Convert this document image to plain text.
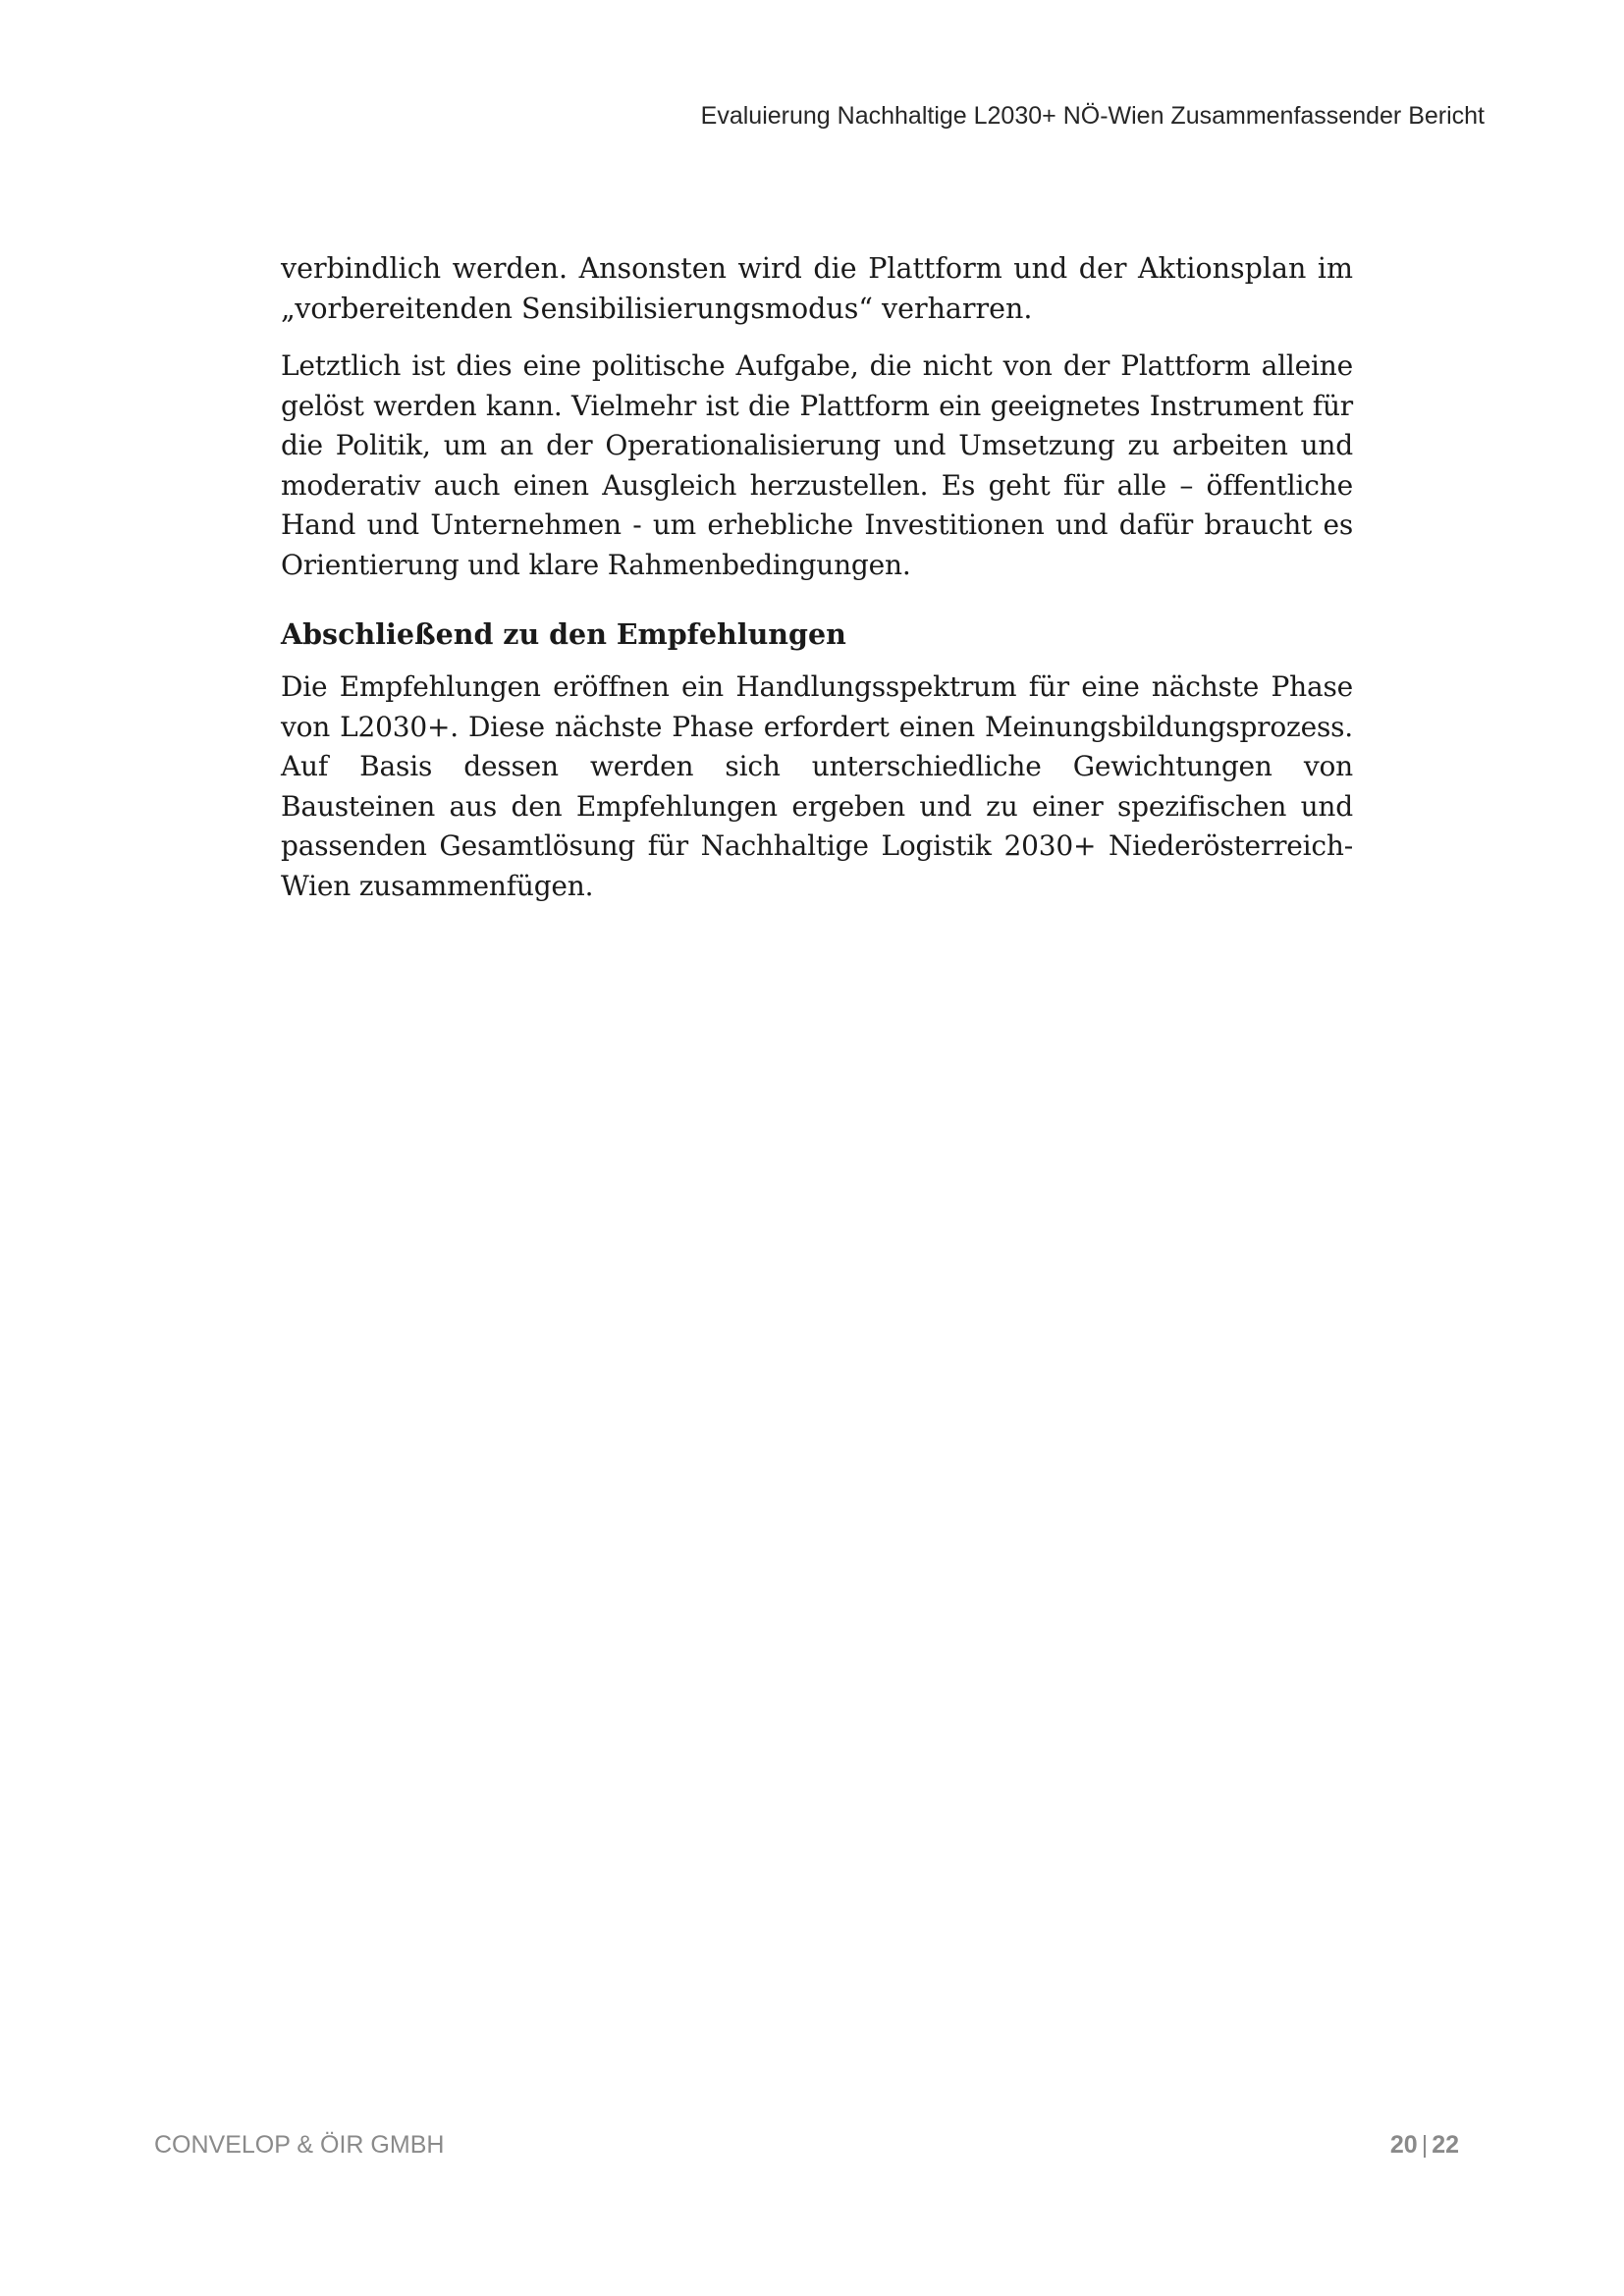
Evaluierung Nachhaltige L2030+ NÖ-Wien Zusammenfassender Bericht

verbindlich werden. Ansonsten wird die Plattform und der Aktionsplan im „vorbereitenden Sensibilisierungsmodus“ verharren.

Letztlich ist dies eine politische Aufgabe, die nicht von der Plattform alleine gelöst werden kann. Vielmehr ist die Plattform ein geeignetes Instrument für die Politik, um an der Operationalisierung und Umsetzung zu arbeiten und moderativ auch einen Ausgleich herzustellen. Es geht für alle – öffentliche Hand und Unternehmen - um erhebliche Investitionen und dafür braucht es Orientierung und klare Rahmenbedingungen.

Abschließend zu den Empfehlungen

Die Empfehlungen eröffnen ein Handlungsspektrum für eine nächste Phase von L2030+. Diese nächste Phase erfordert einen Meinungsbildungsprozess. Auf Basis dessen werden sich unterschiedliche Gewichtungen von Bausteinen aus den Empfehlungen ergeben und zu einer spezifischen und passenden Gesamtlösung für Nachhaltige Logistik 2030+ Niederösterreich-Wien zusammenfügen.

CONVELOP & ÖIR GMBH	20 | 22
